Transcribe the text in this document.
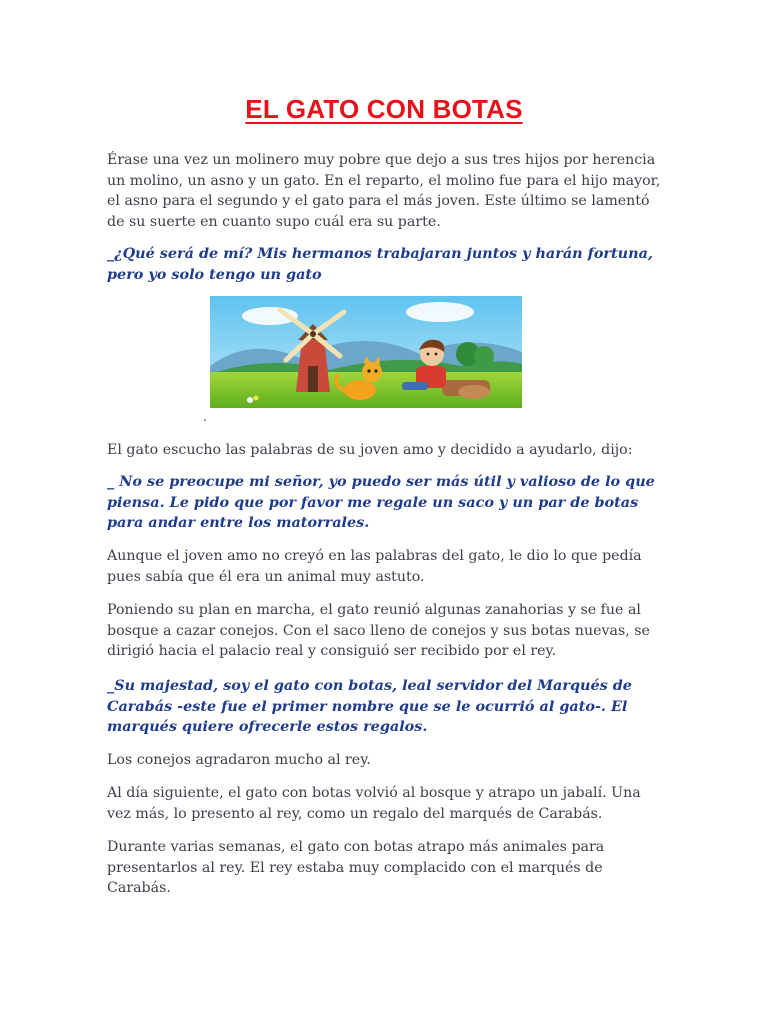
EL GATO CON BOTAS

Érase una vez un molinero muy pobre que dejo a sus tres hijos por herencia un molino, un asno y un gato. En el reparto, el molino fue para el hijo mayor, el asno para el segundo y el gato para el más joven. Este último se lamentó de su suerte en cuanto supo cuál era su parte.

_¿Qué será de mí? Mis hermanos trabajaran juntos y harán fortuna, pero yo solo tengo un gato

.

El gato escucho las palabras de su joven amo y decidido a ayudarlo, dijo:

_ No se preocupe mi señor, yo puedo ser más útil y valioso de lo que piensa. Le pido que por favor me regale un saco y un par de botas para andar entre los matorrales.

Aunque el joven amo no creyó en las palabras del gato, le dio lo que pedía pues sabía que él era un animal muy astuto.

Poniendo su plan en marcha, el gato reunió algunas zanahorias y se fue al bosque a cazar conejos. Con el saco lleno de conejos y sus botas nuevas, se dirigió hacia el palacio real y consiguió ser recibido por el rey.

_Su majestad, soy el gato con botas, leal servidor del Marqués de Carabás -este fue el primer nombre que se le ocurrió al gato-. El marqués quiere ofrecerle estos regalos.

Los conejos agradaron mucho al rey.

Al día siguiente, el gato con botas volvió al bosque y atrapo un jabalí. Una vez más, lo presento al rey, como un regalo del marqués de Carabás.

Durante varias semanas, el gato con botas atrapo más animales para presentarlos al rey. El rey estaba muy complacido con el marqués de Carabás.
